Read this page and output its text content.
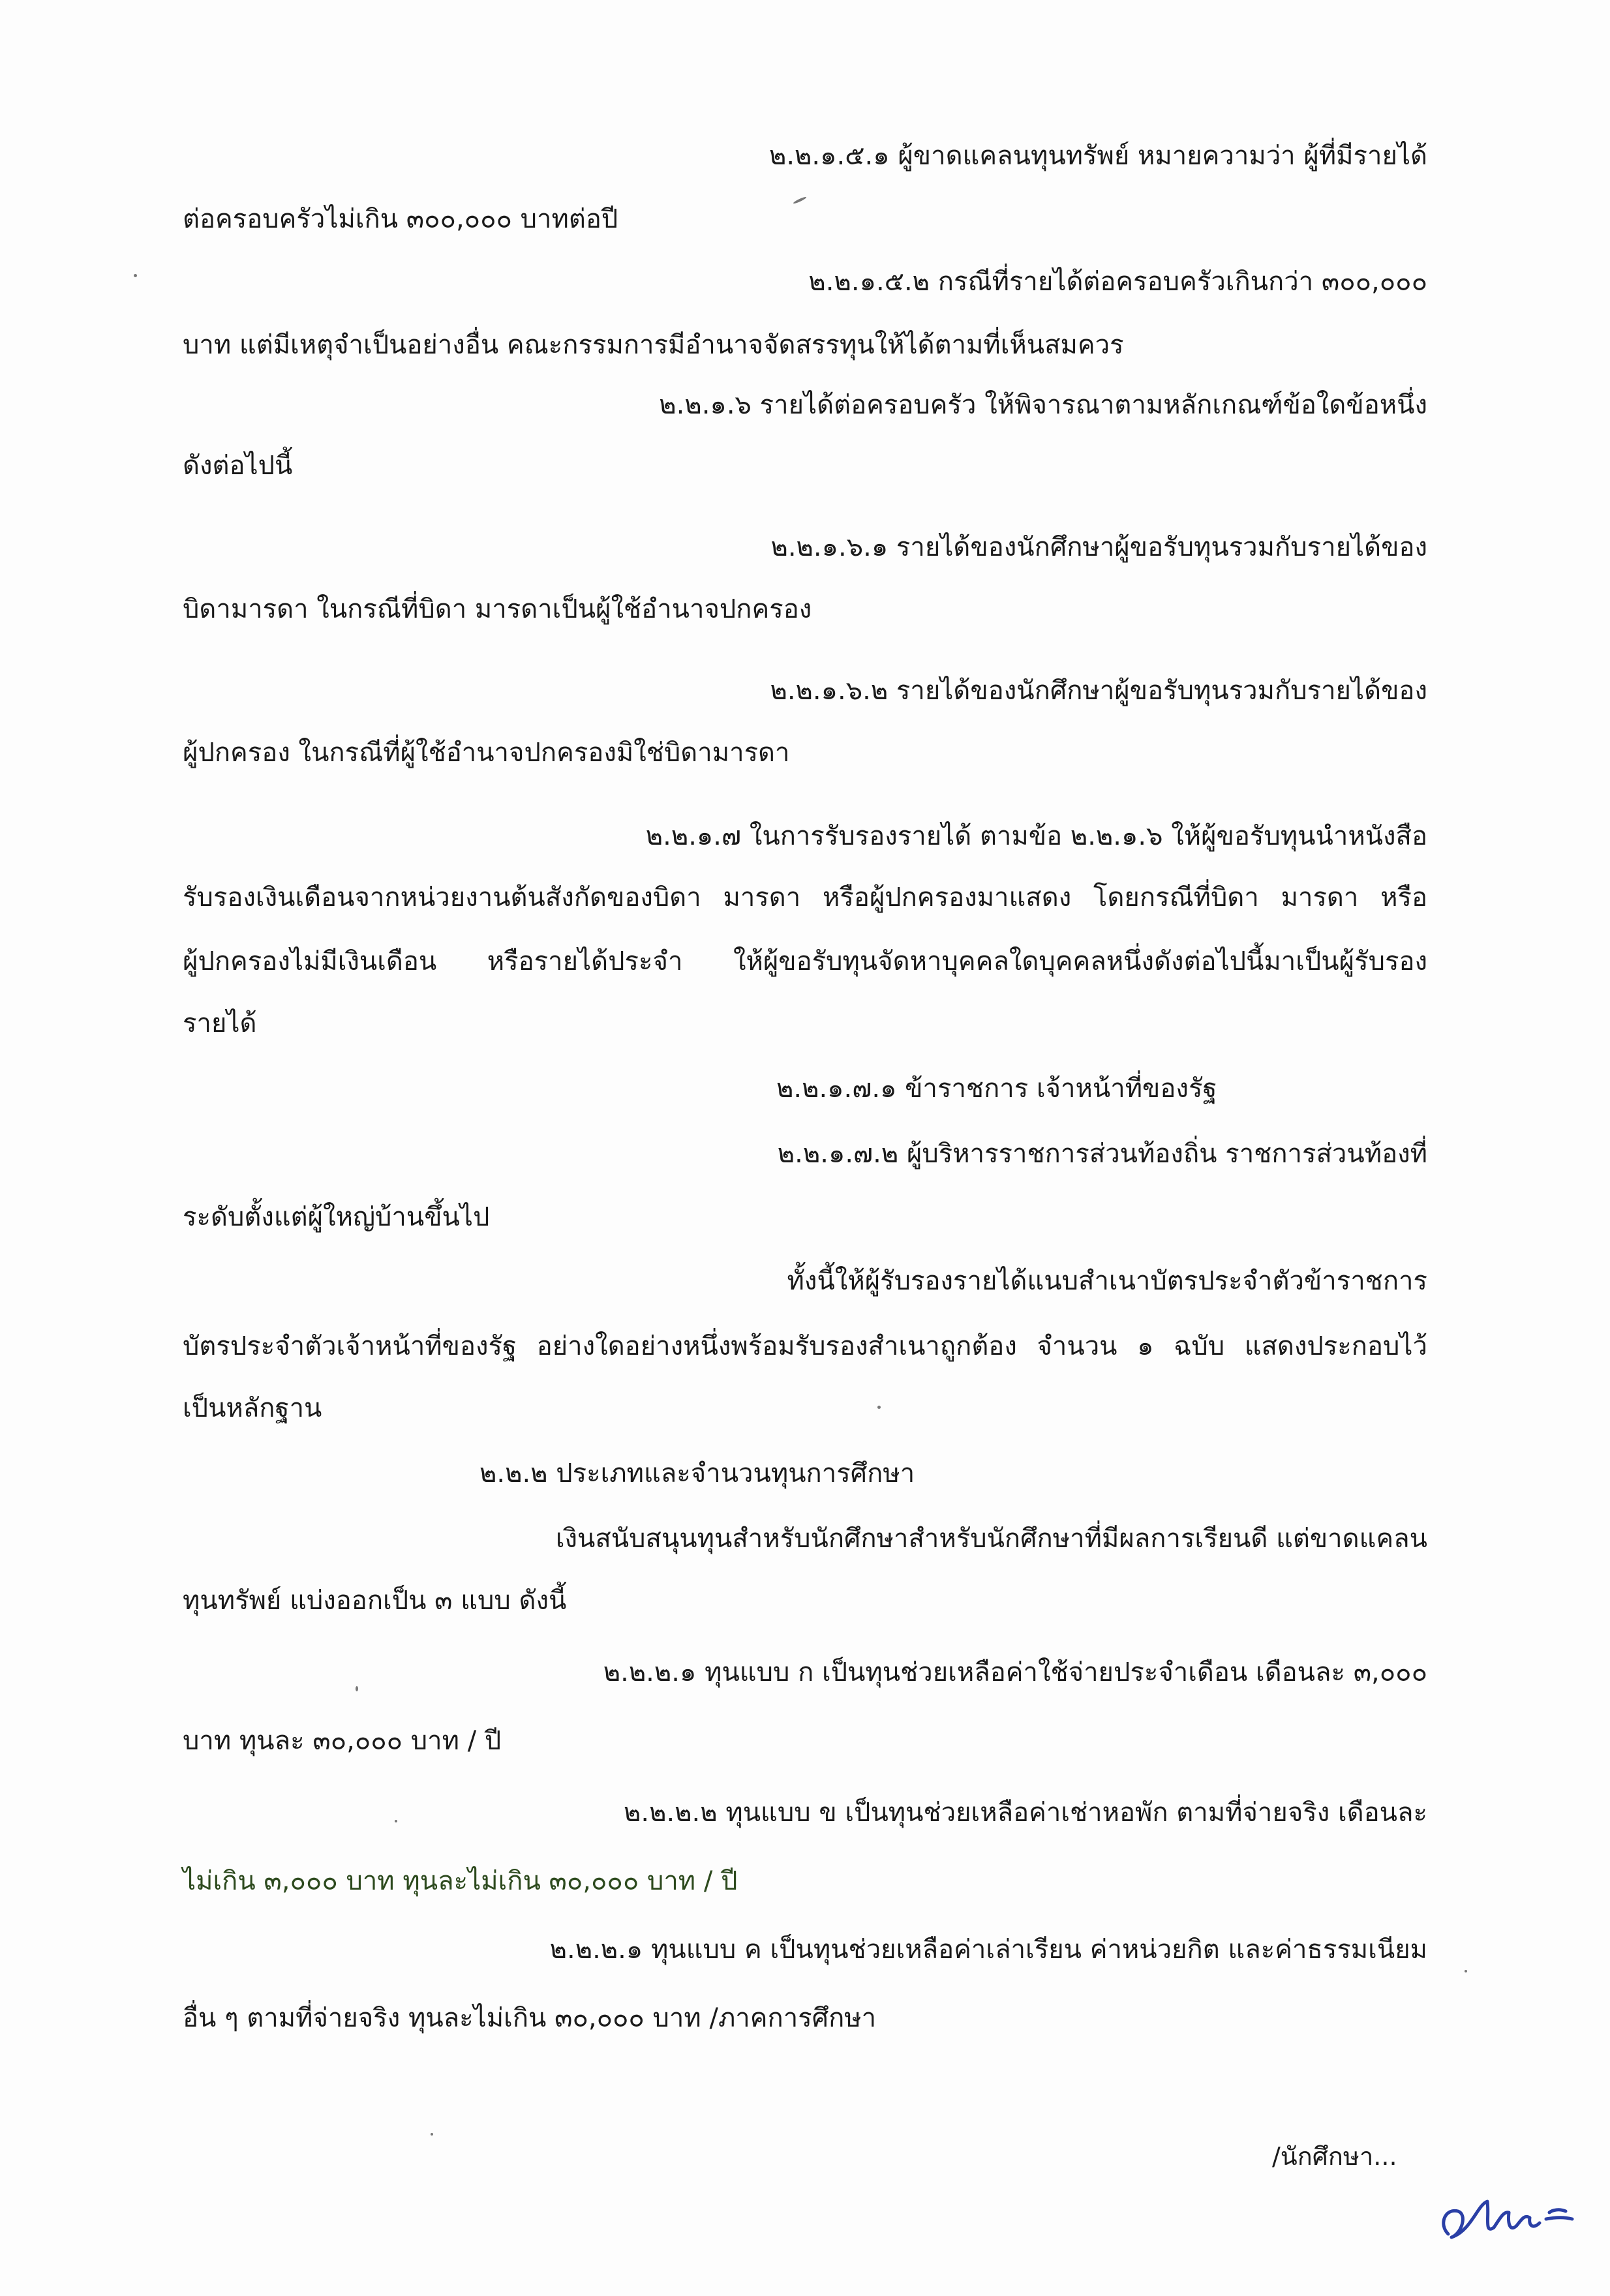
๒.๒.๑.๕.๑ ผู้ขาดแคลนทุนทรัพย์ หมายความว่า ผู้ที่มีรายได้
ต่อครอบครัวไม่เกิน ๓๐๐,๐๐๐ บาทต่อปี
๒.๒.๑.๕.๒ กรณีที่รายได้ต่อครอบครัวเกินกว่า ๓๐๐,๐๐๐
บาท แต่มีเหตุจำเป็นอย่างอื่น คณะกรรมการมีอำนาจจัดสรรทุนให้ได้ตามที่เห็นสมควร
๒.๒.๑.๖ รายได้ต่อครอบครัว ให้พิจารณาตามหลักเกณฑ์ข้อใดข้อหนึ่ง
ดังต่อไปนี้
๒.๒.๑.๖.๑ รายได้ของนักศึกษาผู้ขอรับทุนรวมกับรายได้ของ
บิดามารดา ในกรณีที่บิดา มารดาเป็นผู้ใช้อำนาจปกครอง
๒.๒.๑.๖.๒ รายได้ของนักศึกษาผู้ขอรับทุนรวมกับรายได้ของ
ผู้ปกครอง ในกรณีที่ผู้ใช้อำนาจปกครองมิใช่บิดามารดา
๒.๒.๑.๗ ในการรับรองรายได้ ตามข้อ ๒.๒.๑.๖ ให้ผู้ขอรับทุนนำหนังสือ
รับรองเงินเดือนจากหน่วยงานต้นสังกัดของบิดา มารดา หรือผู้ปกครองมาแสดง โดยกรณีที่บิดา มารดา หรือ
ผู้ปกครองไม่มีเงินเดือน หรือรายได้ประจำ ให้ผู้ขอรับทุนจัดหาบุคคลใดบุคคลหนึ่งดังต่อไปนี้มาเป็นผู้รับรอง
รายได้
๒.๒.๑.๗.๑ ข้าราชการ เจ้าหน้าที่ของรัฐ
๒.๒.๑.๗.๒ ผู้บริหารราชการส่วนท้องถิ่น ราชการส่วนท้องที่
ระดับตั้งแต่ผู้ใหญ่บ้านขึ้นไป
ทั้งนี้ให้ผู้รับรองรายได้แนบสำเนาบัตรประจำตัวข้าราชการ
บัตรประจำตัวเจ้าหน้าที่ของรัฐ อย่างใดอย่างหนึ่งพร้อมรับรองสำเนาถูกต้อง จำนวน ๑ ฉบับ แสดงประกอบไว้
เป็นหลักฐาน
๒.๒.๒ ประเภทและจำนวนทุนการศึกษา
เงินสนับสนุนทุนสำหรับนักศึกษาสำหรับนักศึกษาที่มีผลการเรียนดี แต่ขาดแคลน
ทุนทรัพย์ แบ่งออกเป็น ๓ แบบ ดังนี้
๒.๒.๒.๑ ทุนแบบ ก เป็นทุนช่วยเหลือค่าใช้จ่ายประจำเดือน เดือนละ ๓,๐๐๐
บาท ทุนละ ๓๐,๐๐๐ บาท / ปี
๒.๒.๒.๒ ทุนแบบ ข เป็นทุนช่วยเหลือค่าเช่าหอพัก ตามที่จ่ายจริง เดือนละ
ไม่เกิน ๓,๐๐๐ บาท ทุนละไม่เกิน ๓๐,๐๐๐ บาท / ปี
๒.๒.๒.๑ ทุนแบบ ค เป็นทุนช่วยเหลือค่าเล่าเรียน ค่าหน่วยกิต และค่าธรรมเนียม
อื่น ๆ ตามที่จ่ายจริง ทุนละไม่เกิน ๓๐,๐๐๐ บาท /ภาคการศึกษา
/นักศึกษา...
